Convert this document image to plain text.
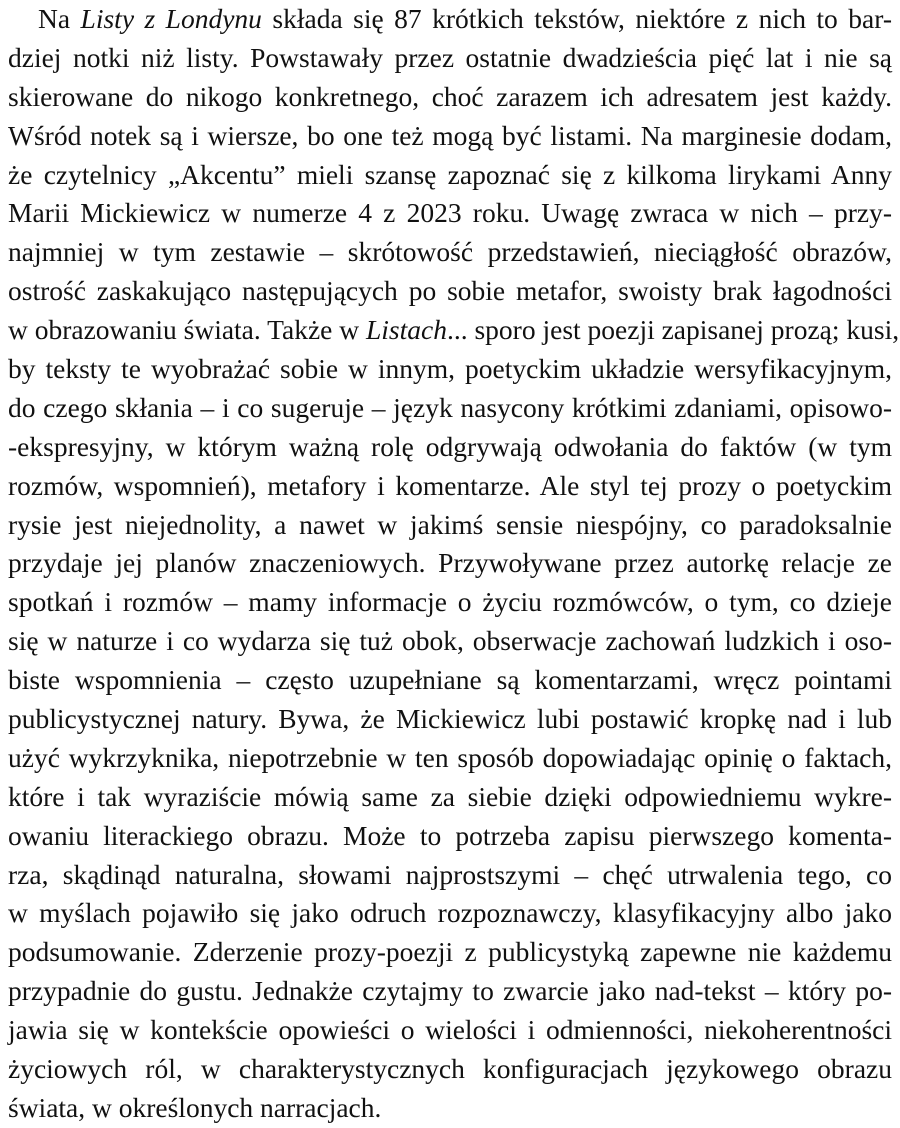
Na Listy z Londynu składa się 87 krótkich tekstów, niektóre z nich to bar-
dziej notki niż listy. Powstawały przez ostatnie dwadzieścia pięć lat i nie są
skierowane do nikogo konkretnego, choć zarazem ich adresatem jest każdy.
Wśród notek są i wiersze, bo one też mogą być listami. Na marginesie dodam,
że czytelnicy „Akcentu” mieli szansę zapoznać się z kilkoma lirykami Anny
Marii Mickiewicz w numerze 4 z 2023 roku. Uwagę zwraca w nich – przy-
najmniej w tym zestawie – skrótowość przedstawień, nieciągłość obrazów,
ostrość zaskakująco następujących po sobie metafor, swoisty brak łagodności
w obrazowaniu świata. Także w Listach... sporo jest poezji zapisanej prozą; kusi,
by teksty te wyobrażać sobie w innym, poetyckim układzie wersyfikacyjnym,
do czego skłania – i co sugeruje – język nasycony krótkimi zdaniami, opisowo-
-ekspresyjny, w którym ważną rolę odgrywają odwołania do faktów (w tym
rozmów, wspomnień), metafory i komentarze. Ale styl tej prozy o poetyckim
rysie jest niejednolity, a nawet w jakimś sensie niespójny, co paradoksalnie
przydaje jej planów znaczeniowych. Przywoływane przez autorkę relacje ze
spotkań i rozmów – mamy informacje o życiu rozmówców, o tym, co dzieje
się w naturze i co wydarza się tuż obok, obserwacje zachowań ludzkich i oso-
biste wspomnienia – często uzupełniane są komentarzami, wręcz pointami
publicystycznej natury. Bywa, że Mickiewicz lubi postawić kropkę nad i lub
użyć wykrzyknika, niepotrzebnie w ten sposób dopowiadając opinię o faktach,
które i tak wyraziście mówią same za siebie dzięki odpowiedniemu wykre-
owaniu literackiego obrazu. Może to potrzeba zapisu pierwszego komenta-
rza, skądinąd naturalna, słowami najprostszymi – chęć utrwalenia tego, co
w myślach pojawiło się jako odruch rozpoznawczy, klasyfikacyjny albo jako
podsumowanie. Zderzenie prozy-poezji z publicystyką zapewne nie każdemu
przypadnie do gustu. Jednakże czytajmy to zwarcie jako nad-tekst – który po-
jawia się w kontekście opowieści o wielości i odmienności, niekoherentności
życiowych ról, w charakterystycznych konfiguracjach językowego obrazu
świata, w określonych narracjach.
